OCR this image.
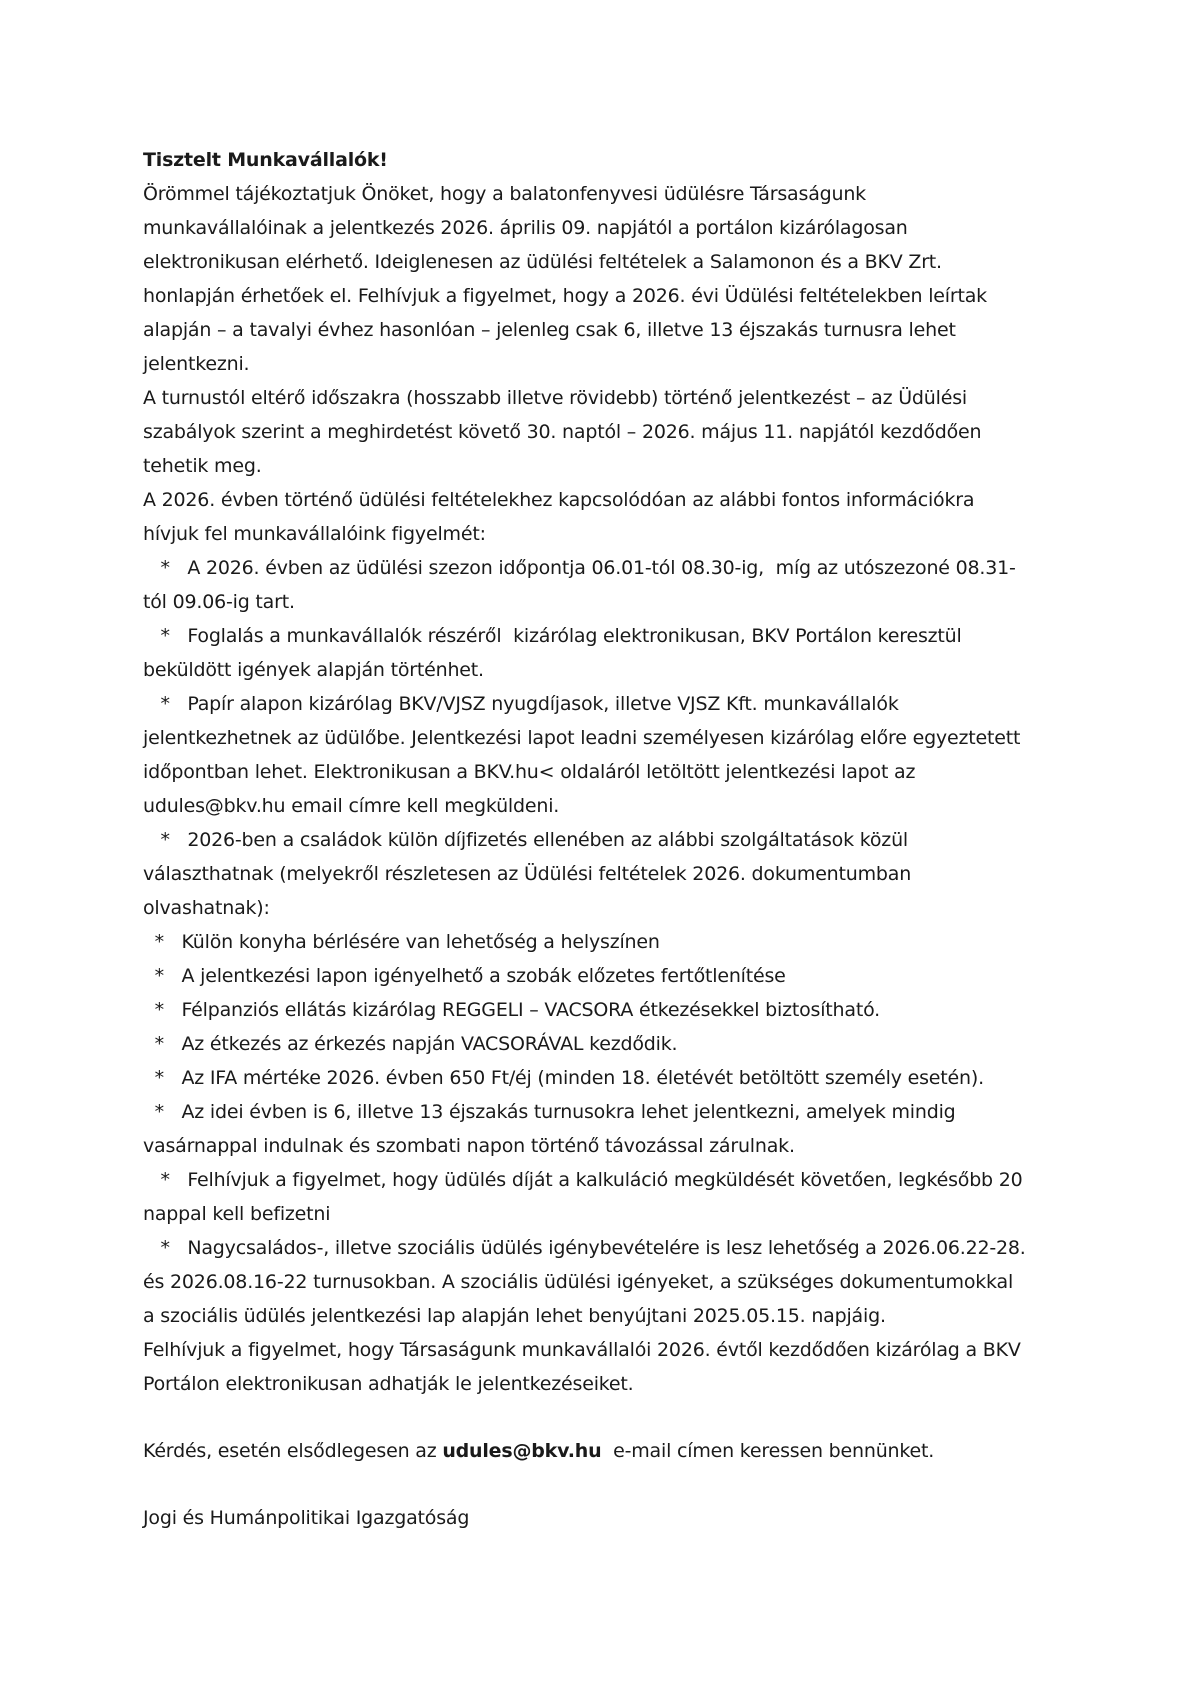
Tisztelt Munkavállalók!

Örömmel tájékoztatjuk Önöket, hogy a balatonfenyvesi üdülésre Társaságunk

munkavállalóinak a jelentkezés 2026. április 09. napjától a portálon kizárólagosan

elektronikusan elérhető. Ideiglenesen az üdülési feltételek a Salamonon és a BKV Zrt.

honlapján érhetőek el. Felhívjuk a figyelmet, hogy a 2026. évi Üdülési feltételekben leírtak

alapján – a tavalyi évhez hasonlóan – jelenleg csak 6, illetve 13 éjszakás turnusra lehet

jelentkezni.

A turnustól eltérő időszakra (hosszabb illetve rövidebb) történő jelentkezést – az Üdülési

szabályok szerint a meghirdetést követő 30. naptól – 2026. május 11. napjától kezdődően

tehetik meg.

A 2026. évben történő üdülési feltételekhez kapcsolódóan az alábbi fontos információkra

hívjuk fel munkavállalóink figyelmét:

*   A 2026. évben az üdülési szezon időpontja 06.01-tól 08.30-ig,  míg az utószezoné 08.31-

tól 09.06-ig tart.

*   Foglalás a munkavállalók részéről  kizárólag elektronikusan, BKV Portálon keresztül

beküldött igények alapján történhet.

*   Papír alapon kizárólag BKV/VJSZ nyugdíjasok, illetve VJSZ Kft. munkavállalók

jelentkezhetnek az üdülőbe. Jelentkezési lapot leadni személyesen kizárólag előre egyeztetett

időpontban lehet. Elektronikusan a BKV.hu< oldaláról letöltött jelentkezési lapot az

udules@bkv.hu email címre kell megküldeni.

*   2026-ben a családok külön díjfizetés ellenében az alábbi szolgáltatások közül

választhatnak (melyekről részletesen az Üdülési feltételek 2026. dokumentumban

olvashatnak):

*   Külön konyha bérlésére van lehetőség a helyszínen

*   A jelentkezési lapon igényelhető a szobák előzetes fertőtlenítése

*   Félpanziós ellátás kizárólag REGGELI – VACSORA étkezésekkel biztosítható.

*   Az étkezés az érkezés napján VACSORÁVAL kezdődik.

*   Az IFA mértéke 2026. évben 650 Ft/éj (minden 18. életévét betöltött személy esetén).

*   Az idei évben is 6, illetve 13 éjszakás turnusokra lehet jelentkezni, amelyek mindig

vasárnappal indulnak és szombati napon történő távozással zárulnak.

*   Felhívjuk a figyelmet, hogy üdülés díját a kalkuláció megküldését követően, legkésőbb 20

nappal kell befizetni

*   Nagycsaládos-, illetve szociális üdülés igénybevételére is lesz lehetőség a 2026.06.22-28.

és 2026.08.16-22 turnusokban. A szociális üdülési igényeket, a szükséges dokumentumokkal

a szociális üdülés jelentkezési lap alapján lehet benyújtani 2025.05.15. napjáig.

Felhívjuk a figyelmet, hogy Társaságunk munkavállalói 2026. évtől kezdődően kizárólag a BKV

Portálon elektronikusan adhatják le jelentkezéseiket.

Kérdés, esetén elsődlegesen az udules@bkv.hu  e-mail címen keressen bennünket.

Jogi és Humánpolitikai Igazgatóság
